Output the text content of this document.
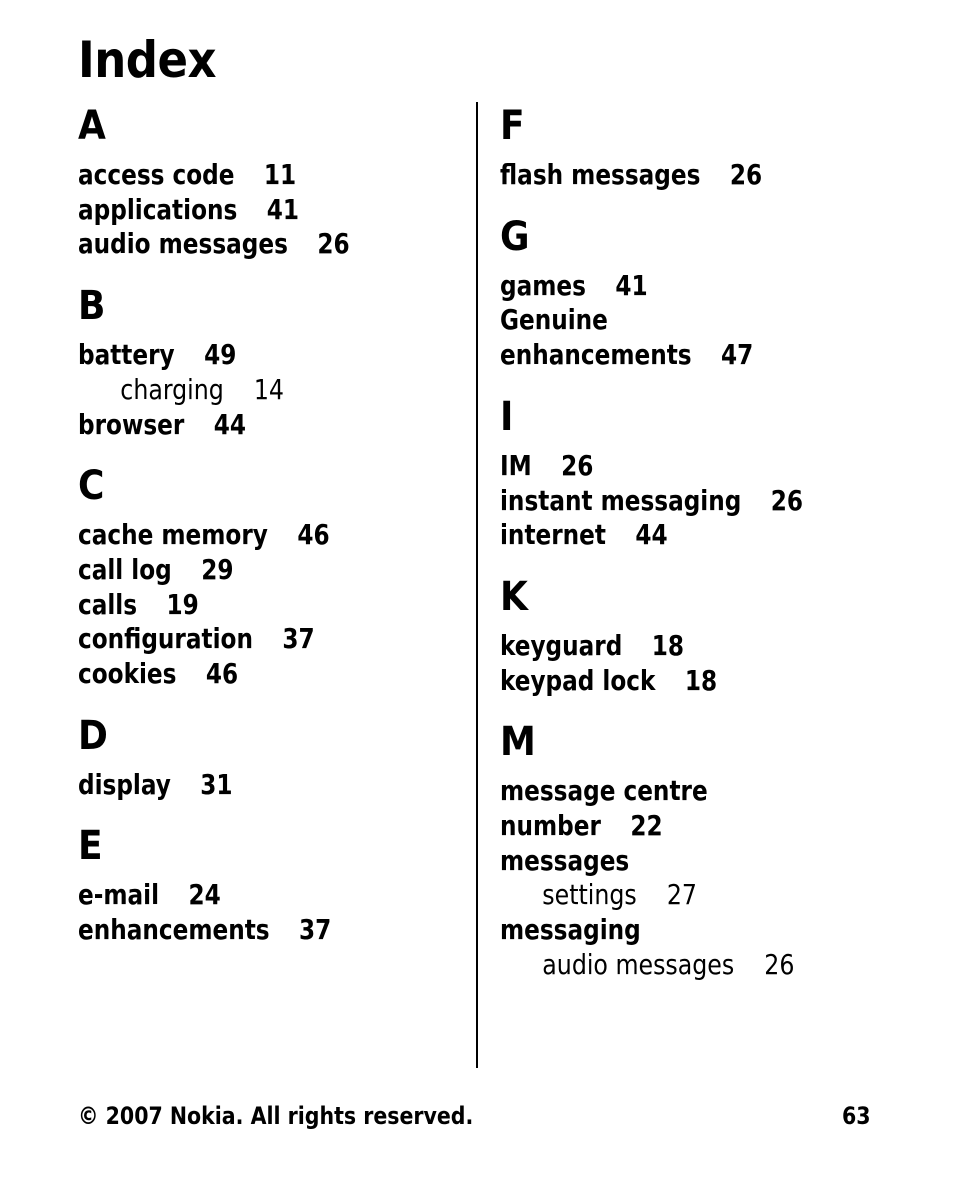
Index
A
access code 11
applications 41
audio messages 26
B
battery 49
charging 14
browser 44
C
cache memory 46
call log 29
calls 19
configuration 37
cookies 46
D
display 31
E
e-mail 24
enhancements 37
F
flash messages 26
G
games 41
Genuine
enhancements 47
I
IM 26
instant messaging 26
internet 44
K
keyguard 18
keypad lock 18
M
message centre
number 22
messages
settings 27
messaging
audio messages 26
© 2007 Nokia. All rights reserved.	63
